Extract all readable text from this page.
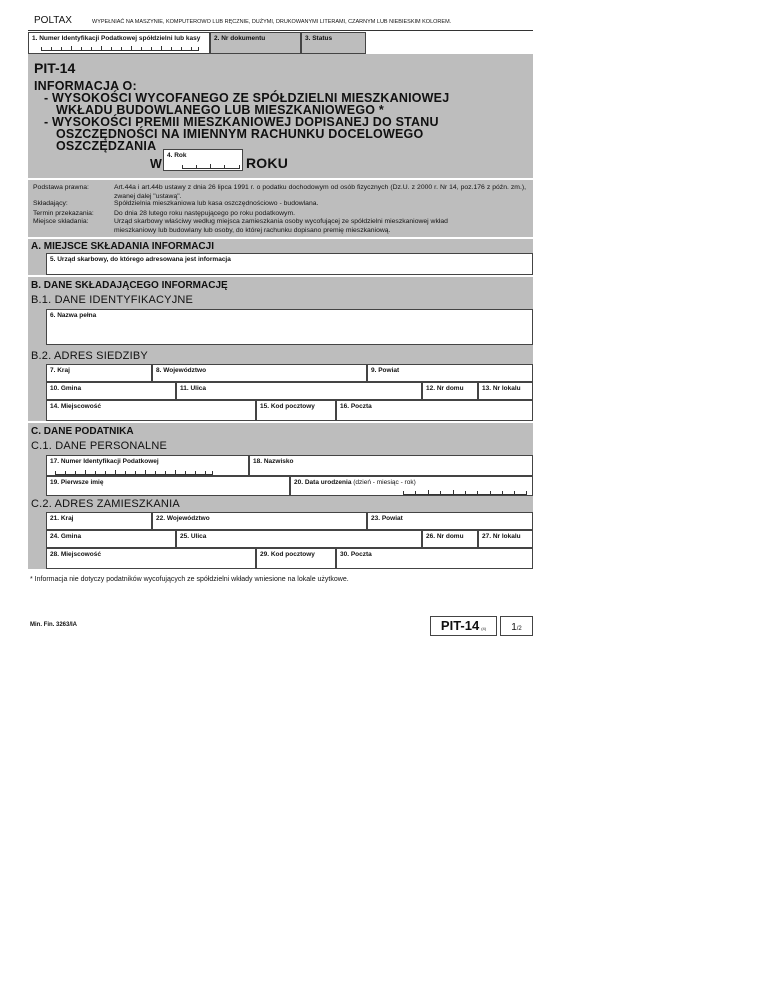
POLTAX	WYPEŁNIAĆ NA MASZYNIE, KOMPUTEROWO LUB RĘCZNIE, DUŻYMI, DRUKOWANYMI LITERAMI, CZARNYM LUB NIEBIESKIM KOLOREM.
1. Numer Identyfikacji Podatkowej spółdzielni lub kasy 2. Nr dokumentu	3. Status
PIT-14
INFORMACJA O:
- WYSOKOŚCI WYCOFANEGO ZE SPÓŁDZIELNI MIESZKANIOWEJ
WKŁADU BUDOWLANEGO LUB MIESZKANIOWEGO *
- WYSOKOŚCI PREMII MIESZKANIOWEJ DOPISANEJ DO STANU
OSZCZĘDNOŚCI NA IMIENNYM RACHUNKU DOCELOWEGO
OSZCZĘDZANIA
W
4. Rok	ROKU
Podstawa prawna:	Art.44a i art.44b ustawy z dnia 26 lipca 1991 r. o podatku dochodowym od osób fizycznych (Dz.U. z 2000 r. Nr 14, poz.176 z późn. zm.), zwanej dalej "ustawą".
Składający:	Spółdzielnia mieszkaniowa lub kasa oszczędnościowo - budowlana.
Termin przekazania:	Do dnia 28 lutego roku następującego po roku podatkowym.
Miejsce składania:	Urząd skarbowy właściwy według miejsca zamieszkania osoby wycofującej ze spółdzielni mieszkaniowej wkład mieszkaniowy lub budowlany lub osoby, do której rachunku dopisano premię mieszkaniową.
A. MIEJSCE SKŁADANIA INFORMACJI
5. Urząd skarbowy, do którego adresowana jest informacja
B. DANE SKŁADAJĄCEGO INFORMACJĘ
B.1. DANE IDENTYFIKACYJNE
6. Nazwa pełna
B.2. ADRES SIEDZIBY
7. Kraj	8. Województwo	9. Powiat
10. Gmina	11. Ulica	12. Nr domu	13. Nr lokalu
14. Miejscowość	15. Kod pocztowy	16. Poczta
C. DANE PODATNIKA
C.1. DANE PERSONALNE
17. Numer Identyfikacji Podatkowej	18. Nazwisko
19. Pierwsze imię	20. Data urodzenia (dzień - miesiąc - rok)
C.2. ADRES ZAMIESZKANIA
21. Kraj	22. Województwo	23. Powiat
24. Gmina	25. Ulica	26. Nr domu	27. Nr lokalu
28. Miejscowość	29. Kod pocztowy	30. Poczta
* Informacja nie dotyczy podatników wycofujących ze spółdzielni wkłady wniesione na lokale użytkowe.
Min. Fin. 3263/IA	PIT-14 (4)	1/2
